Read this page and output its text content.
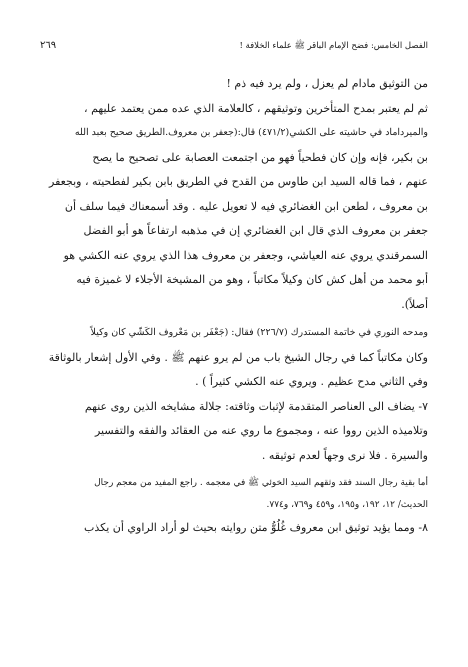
الفصل الخامس: فضح الإمام الباقر ﷺ علماء الخلافة !
٢٦٩

من التوثيق مادام لم يعزل ، ولم يرد فيه ذم !
ثم لم يعتبر بمدح المتأخرين وتوثيقهم ، كالعلامة الذي عده ممن يعتمد عليهم ،
والميرداماد في حاشيته على الكشي(٤٧١/٢) قال:(جعفر بن معروف.الطريق صحيح بعبد الله
بن بكير، فإنه وإن كان فطحياً فهو من اجتمعت العصابة على تصحيح ما يصح
عنهم ، فما قاله السيد ابن طاوس من القدح في الطريق بابن بكير لفطحيته ، وبجعفر
بن معروف ، لطعن ابن الغضائري فيه لا تعويل عليه . وقد أسمعناك فيما سلف أن
جعفر بن معروف الذي قال ابن الغضائري إن في مذهبه ارتفاعاً هو أبو الفضل
السمرقندي يروي عنه العياشي، وجعفر بن معروف هذا الذي يروي عنه الكشي هو
أبو محمد من أهل كش كان وكيلاً مكاتباً ، وهو من المشيخة الأجلاء لا غميزة فيه
أصلاً).

ومدحه النوري في خاتمة المستدرك (٢٢٦/٧) فقال: (جَعْفَر بن مَعْروف الكَشّي كان وكيلاً
وكان مكاتباً كما في رجال الشيخ باب من لم يرو عنهم ﷺ . وفي الأول إشعار بالوثاقة
وفي الثاني مدح عظيم . ويروي عنه الكشي كثيراً ) .

٧- يضاف الى العناصر المتقدمة لإثبات وثاقته: جلالة مشايخه الذين روى عنهم
وتلاميذه الذين رووا عنه ، ومجموع ما روي عنه من العقائد والفقه والتفسير
والسيرة . فلا نرى وجهاً لعدم توثيقه .

أما بقية رجال السند فقد وثقهم السيد الخوئي ﷺ في معجمه . راجع المفيد من معجم رجال
الحديث/ ١٢، ١٩٢، و١٩٥، و٤٥٩ و٧٦٩، و٧٧٤.

٨- ومما يؤيد توثيق ابن معروف غُلُوُّ متن روايته بحيث لو أراد الراوي أن يكذب
